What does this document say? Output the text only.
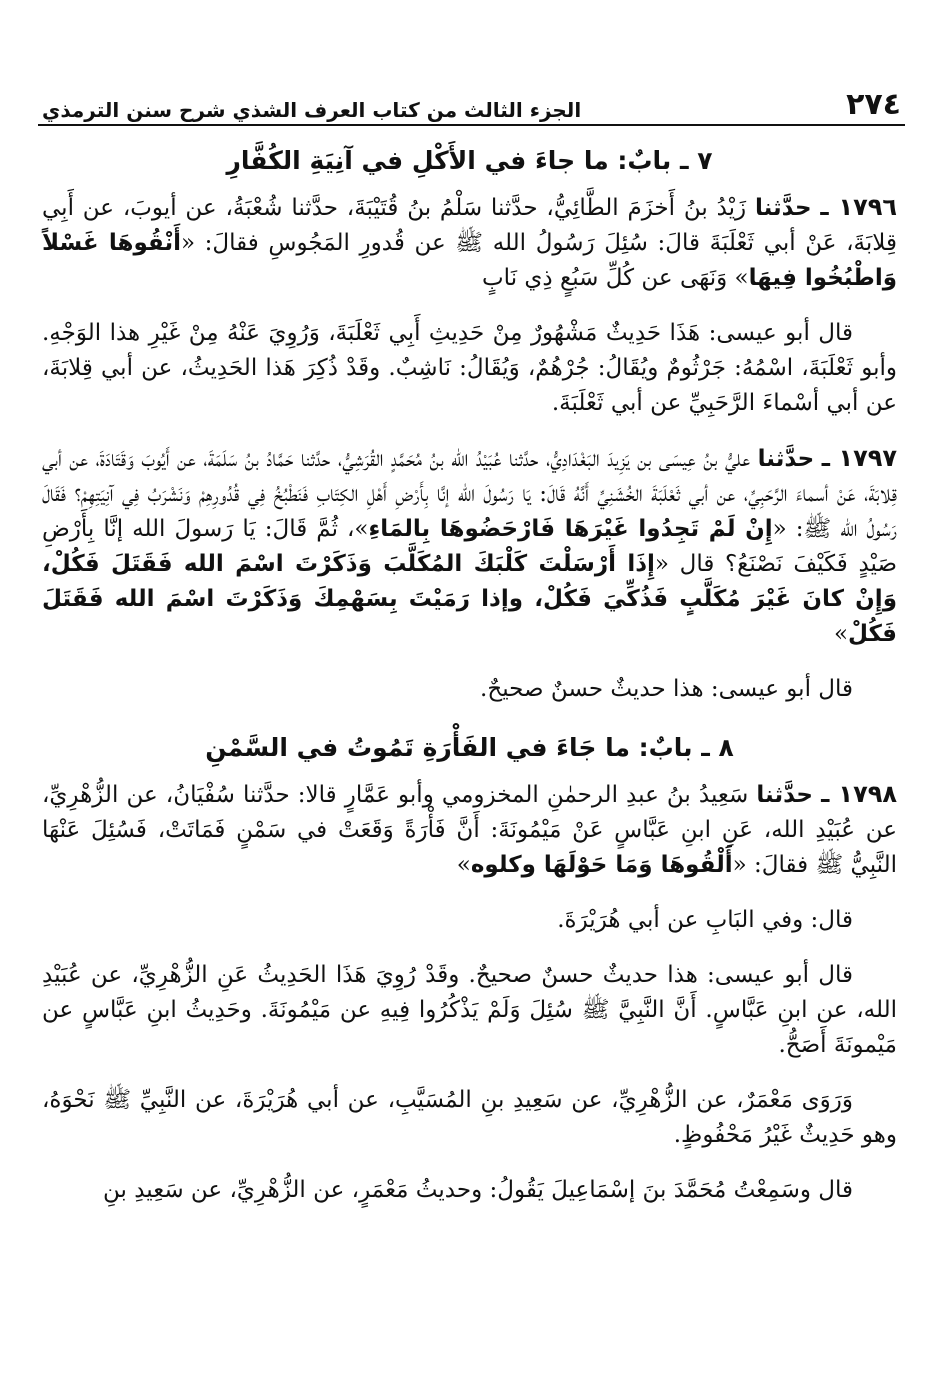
٢٧٤
الجزء الثالث من كتاب العرف الشذي شرح سنن الترمذي
٧ ـ بابٌ: ما جاءَ في الأَكْلِ في آنِيَةِ الكُفَّارِ

١٧٩٦ ـ حدَّثنا زَيْدُ بنُ أَخزَمَ الطَّائِيُّ، حدَّثنا سَلْمُ بنُ قُتَيْبَةَ، حدَّثنا شُعْبَةُ، عن أيوبَ، عن أَبِي قِلابَةَ، عَنْ أبي ثَعْلَبَةَ قالَ: سُئِلَ رَسُولُ الله ﷺ عن قُدورِ المَجُوسِ فقالَ: «أَنْقُوهَا غَسْلاً وَاطْبُخُوا فِيهَا» وَنَهَى عن كُلِّ سَبُعٍ ذِي نَابٍ

قال أبو عيسى: هَذَا حَدِيثٌ مَشْهُورٌ مِنْ حَدِيثِ أَبِي ثَعْلَبَةَ، وَرُوِيَ عَنْهُ مِنْ غَيْرِ هذا الوَجْهِ. وأبو ثَعْلَبَةَ، اسْمُهُ: جَرْثُومٌ ويُقَالُ: جُرْهُمٌ، وَيُقَالُ: نَاشِبٌ. وقَدْ ذُكِرَ هَذا الحَدِيثُ، عن أبي قِلابَةَ، عن أبي أسْماءَ الرَّحَبِيِّ عن أبي ثَعْلَبَةَ.

١٧٩٧ ـ حدَّثنا عليُّ بنُ عِيسَى بن يَزِيدَ البَغْدَادِيُّ، حدَّثنا عُبَيْدُ الله بنُ مُحَمَّدٍ القُرَشِيُّ، حدَّثنا حَمَّادُ بنُ سَلَمَةَ، عن أَيُوبَ وَقَتَادَةَ، عن أبي قِلابَةَ، عَنْ أسماءَ الرَّحَبِيِّ، عن أبي ثَعْلَبَةَ الخُشَنِيِّ أَنَّهُ قَالَ: يَا رَسُولَ الله إنَّا بِأَرْضِ أَهْلِ الكِتَابِ فَنَطْبُخُ فِي قُدُورِهِمْ وَنَشْرَبُ فِي آنِيَتِهِمْ؟ فَقَالَ رَسُولُ الله ﷺ: «إِنْ لَمْ تَجِدُوا غَيْرَهَا فَارْحَضُوهَا بِالمَاءِ»، ثُمَّ قَالَ: يَا رَسولَ الله إنَّا بِأَرْضِ صَيْدٍ فَكَيْفَ نَصْنَعُ؟ قال «إِذَا أَرْسَلْتَ كَلْبَكَ المُكَلَّبَ وَذَكَرْتَ اسْمَ الله فَقَتَلَ فَكُلْ، وَإِنْ كانَ غَيْرَ مُكَلَّبٍ فَذُكِّيَ فَكُلْ، وإذا رَمَيْتَ بِسَهْمِكَ وَذَكَرْتَ اسْمَ الله فَقَتَلَ فَكُلْ»

قال أبو عيسى: هذا حديثٌ حسنٌ صحيحٌ.

٨ ـ بابٌ: ما جَاءَ في الفَأْرَةِ تَمُوتُ في السَّمْنِ

١٧٩٨ ـ حدَّثنا سَعِيدُ بنُ عبدِ الرحمٰنِ المخزومي وأبو عَمَّارٍ قالا: حدَّثنا سُفْيَانُ، عن الزُّهْرِيِّ، عن عُبَيْدِ الله، عَنِ ابنِ عَبَّاسٍ عَنْ مَيْمُونَةَ: أَنَّ فَأْرَةً وَقَعَتْ في سَمْنٍ فَمَاتَتْ، فَسُئِلَ عَنْهَا النَّبِيُّ ﷺ فقالَ: «أَلْقُوهَا وَمَا حَوْلَهَا وكلوه»

قال: وفي البَابِ عن أبي هُرَيْرَةَ.

قال أبو عيسى: هذا حديثٌ حسنٌ صحيحٌ. وقَدْ رُوِيَ هَذَا الحَدِيثُ عَنِ الزُّهْرِيِّ، عن عُبَيْدِ الله، عن ابنِ عَبَّاسٍ. أَنَّ النَّبِيَّ ﷺ سُئِلَ وَلَمْ يَذْكُرُوا فِيهِ عن مَيْمُونَةَ. وحَدِيثُ ابنِ عَبَّاسٍ عن مَيْمونَةَ أَصَحُّ.

وَرَوَى مَعْمَرٌ، عن الزُّهْرِيِّ، عن سَعِيدِ بنِ المُسَيَّبِ، عن أبي هُرَيْرَةَ، عن النَّبِيِّ ﷺ نَحْوَهُ، وهو حَدِيثٌ غَيْرُ مَحْفُوظٍ.

قال وسَمِعْتُ مُحَمَّدَ بنَ إسْمَاعِيلَ يَقُولُ: وحديثُ مَعْمَرٍ، عن الزُّهْرِيِّ، عن سَعِيدِ بنِ
